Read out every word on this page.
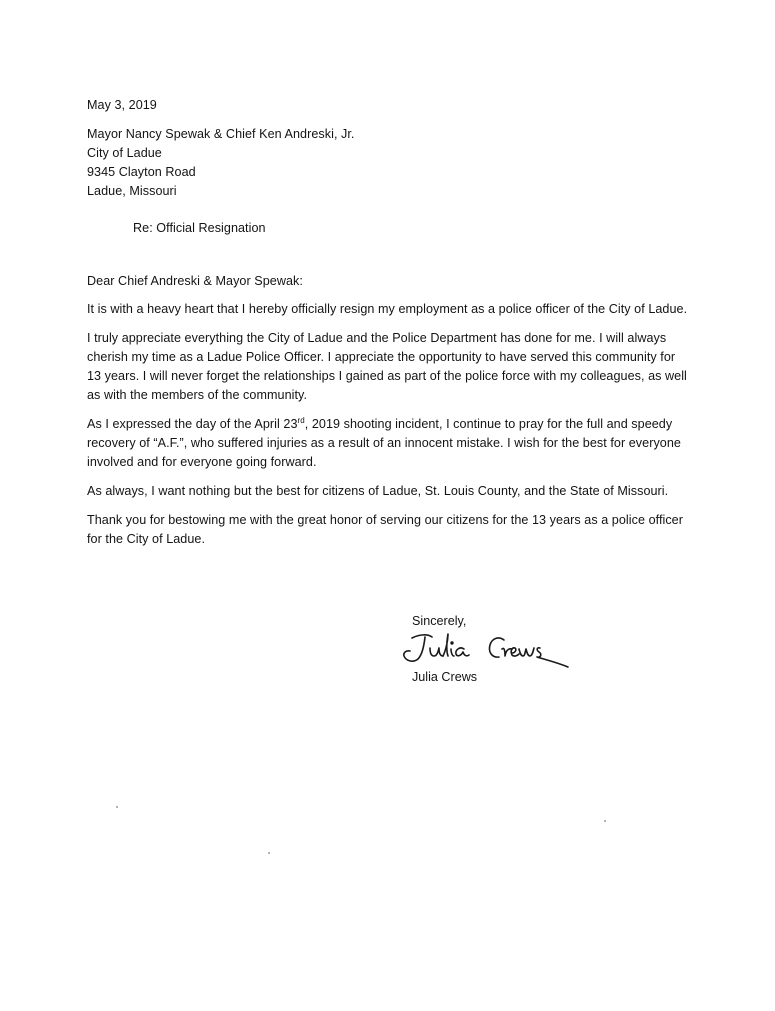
May 3, 2019
Mayor Nancy Spewak & Chief Ken Andreski, Jr.
City of Ladue
9345 Clayton Road
Ladue, Missouri
Re: Official Resignation
Dear Chief Andreski & Mayor Spewak:

It is with a heavy heart that I hereby officially resign my employment as a police officer of the City of Ladue.

I truly appreciate everything the City of Ladue and the Police Department has done for me. I will always cherish my time as a Ladue Police Officer. I appreciate the opportunity to have served this community for 13 years. I will never forget the relationships I gained as part of the police force with my colleagues, as well as with the members of the community.

As I expressed the day of the April 23rd, 2019 shooting incident, I continue to pray for the full and speedy recovery of “A.F.”, who suffered injuries as a result of an innocent mistake. I wish for the best for everyone involved and for everyone going forward.

As always, I want nothing but the best for citizens of Ladue, St. Louis County, and the State of Missouri.

Thank you for bestowing me with the great honor of serving our citizens for the 13 years as a police officer for the City of Ladue.

Sincerely,
Julia Crews
